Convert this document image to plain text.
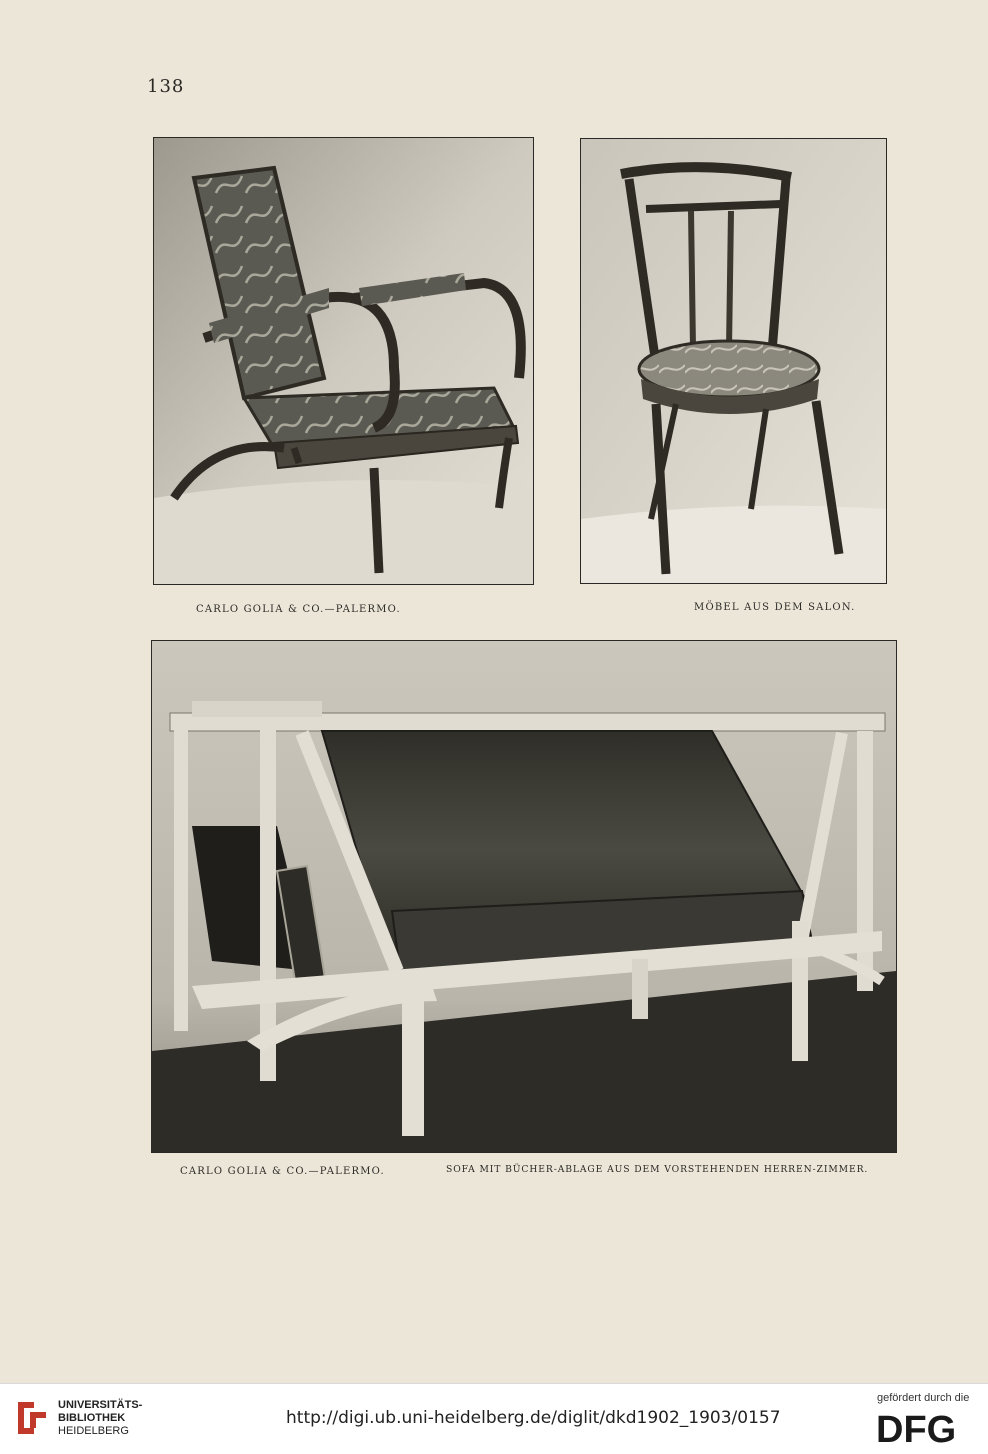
138
CARLO GOLIA & CO.—PALERMO.	MÖBEL AUS DEM SALON.
CARLO GOLIA & CO.—PALERMO.	SOFA MIT BÜCHER-ABLAGE AUS DEM VORSTEHENDEN HERREN-ZIMMER.
UNIVERSITÄTS-
BIBLIOTHEK
HEIDELBERG
http://digi.ub.uni-heidelberg.de/diglit/dkd1902_1903/0157
gefördert durch die
DFG
